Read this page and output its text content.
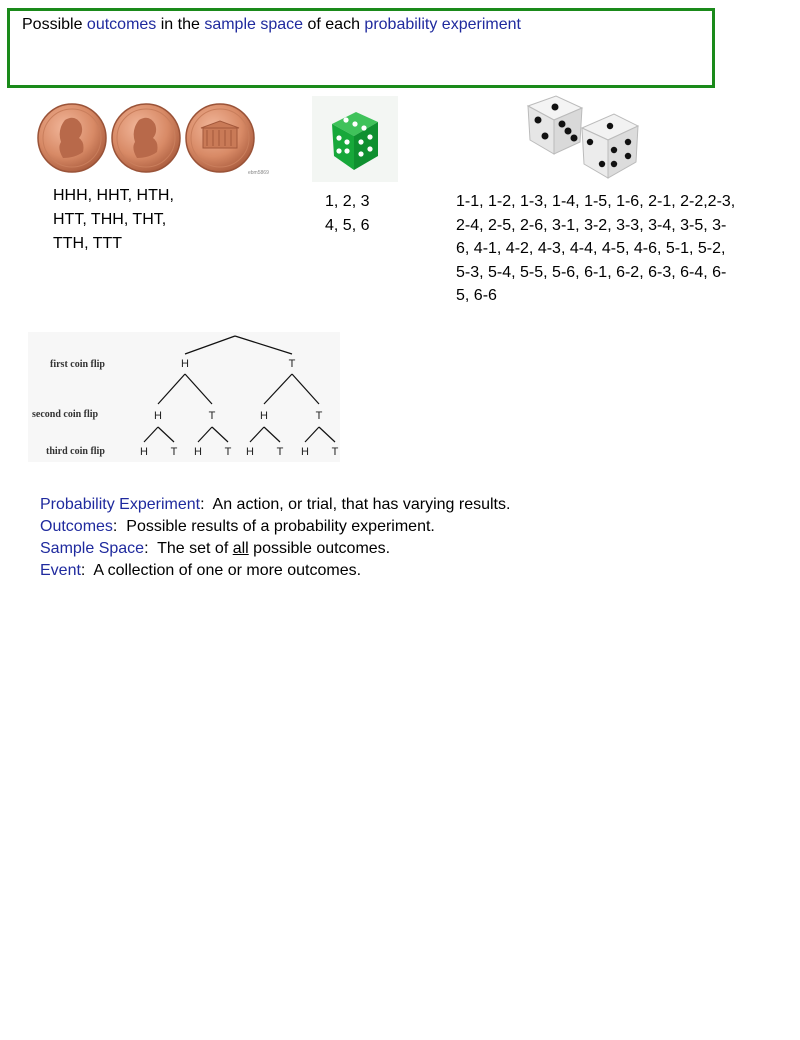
Possible outcomes in the sample space of each probability experiment
ebm5869
HHH, HHT, HTH,
HTT, THH, THT,
TTH, TTT
1, 2, 3
4, 5, 6
1-1, 1-2, 1-3, 1-4, 1-5, 1-6, 2-1, 2-2,2-3,
2-4, 2-5, 2-6, 3-1, 3-2, 3-3, 3-4, 3-5, 3-
6, 4-1, 4-2, 4-3, 4-4, 4-5, 4-6, 5-1, 5-2,
5-3, 5-4, 5-5, 5-6, 6-1, 6-2, 6-3, 6-4, 6-
5, 6-6
first coin flip
second coin flip
third coin flip
H	T
H	T	H	T
H T H T H T H T
Probability Experiment:  An action, or trial, that has varying results.
Outcomes:  Possible results of a probability experiment.
Sample Space:  The set of all possible outcomes.
Event:  A collection of one or more outcomes.
